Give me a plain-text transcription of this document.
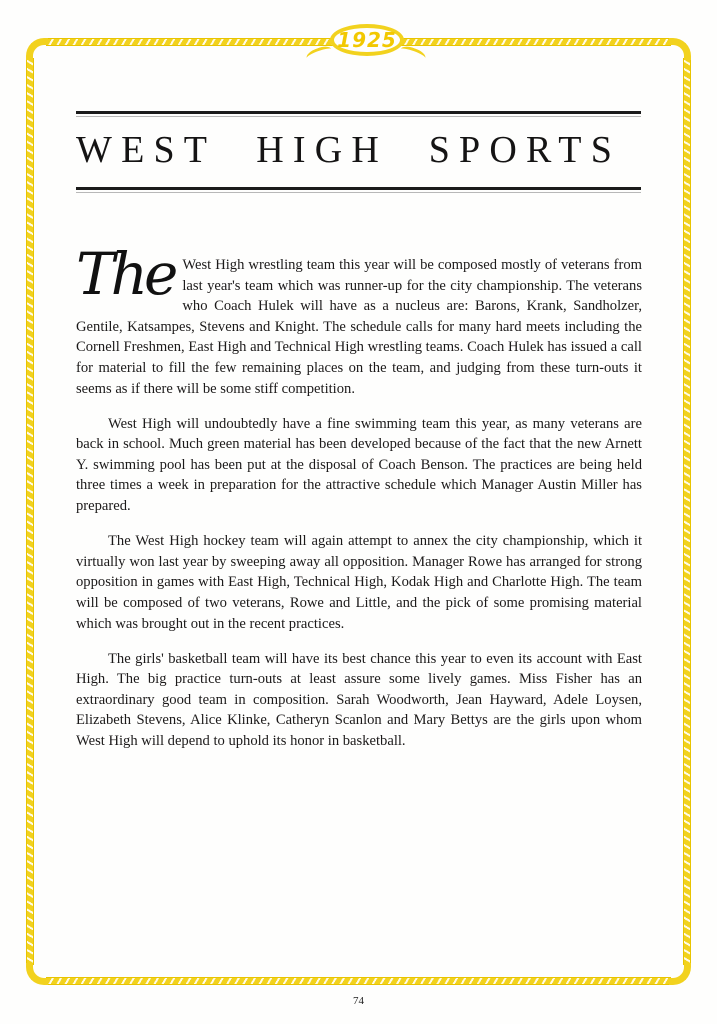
1925
WEST HIGH SPORTS

The West High wrestling team this year will be composed mostly of veterans from last year's team which was runner-up for the city championship. The veterans who Coach Hulek will have as a nucleus are: Barons, Krank, Sandholzer, Gentile, Katsampes, Stevens and Knight. The schedule calls for many hard meets including the Cornell Freshmen, East High and Technical High wrestling teams. Coach Hulek has issued a call for material to fill the few remaining places on the team, and judging from these turn-outs it seems as if there will be some stiff competition.

West High will undoubtedly have a fine swimming team this year, as many veterans are back in school. Much green material has been developed because of the fact that the new Arnett Y. swimming pool has been put at the disposal of Coach Benson. The practices are being held three times a week in preparation for the attractive schedule which Manager Austin Miller has prepared.

The West High hockey team will again attempt to annex the city championship, which it virtually won last year by sweeping away all opposition. Manager Rowe has arranged for strong opposition in games with East High, Technical High, Kodak High and Charlotte High. The team will be composed of two veterans, Rowe and Little, and the pick of some promising material which was brought out in the recent practices.

The girls' basketball team will have its best chance this year to even its account with East High. The big practice turn-outs at least assure some lively games. Miss Fisher has an extraordinary good team in composition. Sarah Woodworth, Jean Hayward, Adele Loysen, Elizabeth Stevens, Alice Klinke, Catheryn Scanlon and Mary Bettys are the girls upon whom West High will depend to uphold its honor in basketball.

74
